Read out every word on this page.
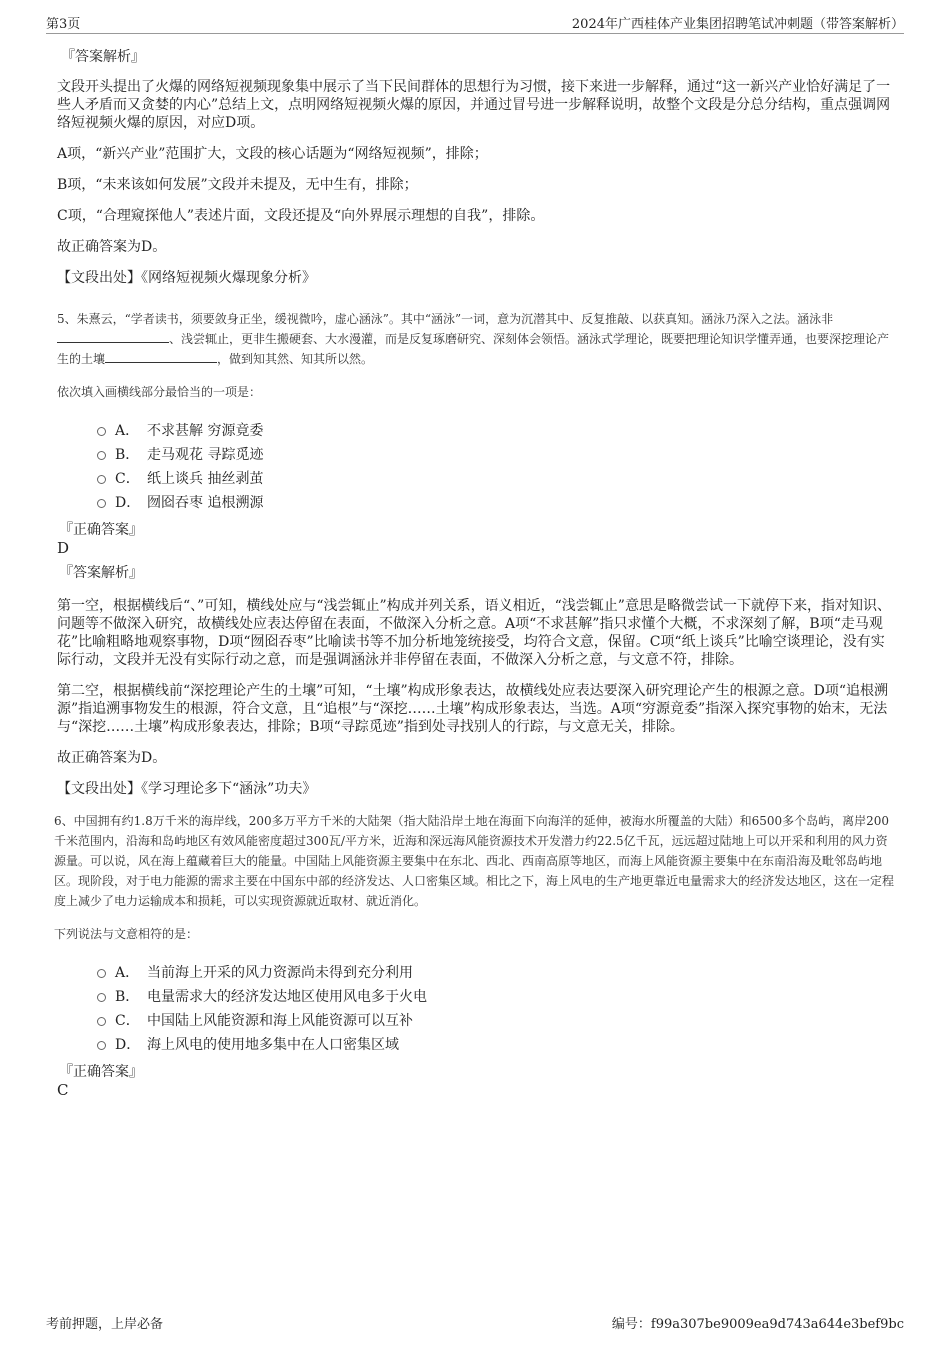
第3页	2024年广西桂体产业集团招聘笔试冲刺题（带答案解析）

『答案解析』

文段开头提出了火爆的网络短视频现象集中展示了当下民间群体的思想行为习惯，接下来进一步解释，通过“这一新兴产业恰好满足了一些人矛盾而又贪婪的内心”总结上文，点明网络短视频火爆的原因，并通过冒号进一步解释说明，故整个文段是分总分结构，重点强调网络短视频火爆的原因，对应D项。

A项，“新兴产业”范围扩大，文段的核心话题为“网络短视频”，排除；

B项，“未来该如何发展”文段并未提及，无中生有，排除；

C项，“合理窥探他人”表述片面，文段还提及“向外界展示理想的自我”，排除。

故正确答案为D。

【文段出处】《网络短视频火爆现象分析》

5、朱熹云，“学者读书，须要敛身正坐，缓视微吟，虚心涵泳”。其中“涵泳”一词，意为沉潜其中、反复推敲、以获真知。涵泳乃深入之法。涵泳非、浅尝辄止，更非生搬硬套、大水漫灌，而是反复琢磨研究、深刻体会领悟。涵泳式学理论，既要把理论知识学懂弄通，也要深挖理论产生的土壤	，做到知其然、知其所以然。

依次填入画横线部分最恰当的一项是：

A． 不求甚解 穷源竟委
B． 走马观花 寻踪觅迹
C． 纸上谈兵 抽丝剥茧
D． 囫囵吞枣 追根溯源

『正确答案』

D

『答案解析』

第一空，根据横线后“、”可知，横线处应与“浅尝辄止”构成并列关系，语义相近，“浅尝辄止”意思是略微尝试一下就停下来，指对知识、问题等不做深入研究，故横线处应表达停留在表面，不做深入分析之意。A项“不求甚解”指只求懂个大概，不求深刻了解，B项“走马观花”比喻粗略地观察事物，D项“囫囵吞枣”比喻读书等不加分析地笼统接受，均符合文意，保留。C项“纸上谈兵”比喻空谈理论，没有实际行动，文段并无没有实际行动之意，而是强调涵泳并非停留在表面，不做深入分析之意，与文意不符，排除。

第二空，根据横线前“深挖理论产生的土壤”可知，“土壤”构成形象表达，故横线处应表达要深入研究理论产生的根源之意。D项“追根溯源”指追溯事物发生的根源，符合文意，且“追根”与“深挖……土壤”构成形象表达，当选。A项“穷源竟委”指深入探究事物的始末，无法与“深挖……土壤”构成形象表达，排除；B项“寻踪觅迹”指到处寻找别人的行踪，与文意无关，排除。

故正确答案为D。

【文段出处】《学习理论多下“涵泳”功夫》

6、中国拥有约1.8万千米的海岸线，200多万平方千米的大陆架（指大陆沿岸土地在海面下向海洋的延伸，被海水所覆盖的大陆）和6500多个岛屿，离岸200千米范围内，沿海和岛屿地区有效风能密度超过300瓦/平方米，近海和深远海风能资源技术开发潜力约22.5亿千瓦，远远超过陆地上可以开采和利用的风力资源量。可以说，风在海上蕴藏着巨大的能量。中国陆上风能资源主要集中在东北、西北、西南高原等地区，而海上风能资源主要集中在东南沿海及毗邻岛屿地区。现阶段，对于电力能源的需求主要在中国东中部的经济发达、人口密集区域。相比之下，海上风电的生产地更靠近电量需求大的经济发达地区，这在一定程度上减少了电力运输成本和损耗，可以实现资源就近取材、就近消化。

下列说法与文意相符的是：

A． 当前海上开采的风力资源尚未得到充分利用
B． 电量需求大的经济发达地区使用风电多于火电
C． 中国陆上风能资源和海上风能资源可以互补
D． 海上风电的使用地多集中在人口密集区域

『正确答案』

C

考前押题，上岸必备	编号：f99a307be9009ea9d743a644e3bef9bc
